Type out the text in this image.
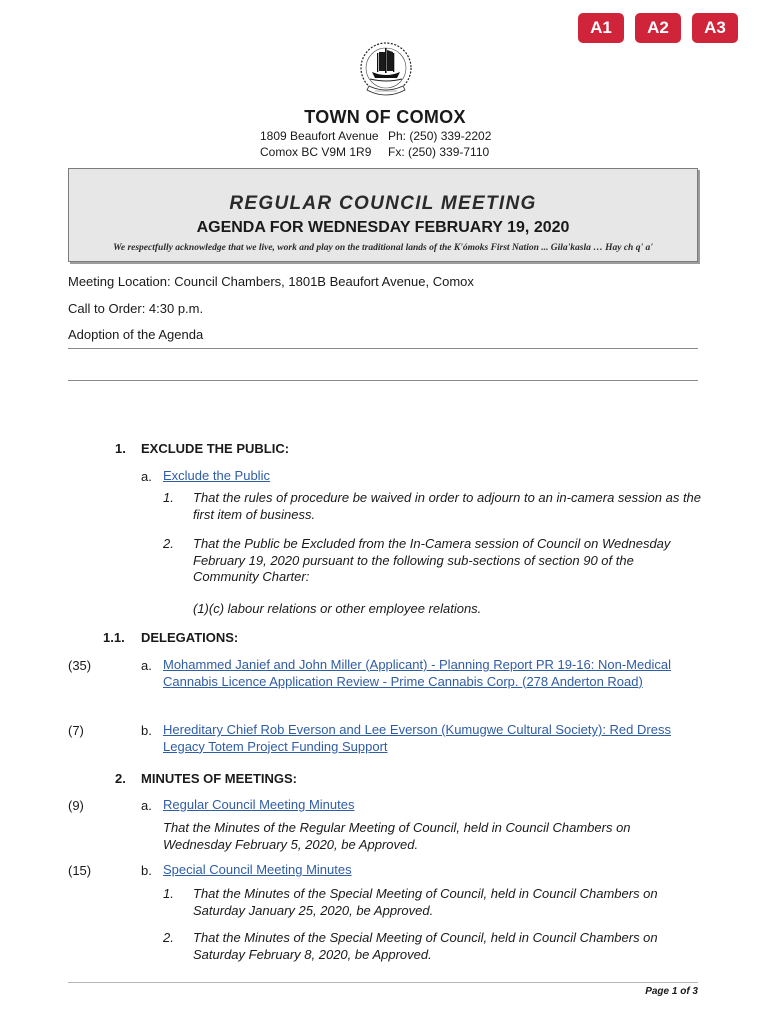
A1	A2	A3
TOWN OF COMOX
1809 Beaufort Avenue Ph: (250) 339-2202
Comox BC V9M 1R9	Fx: (250) 339-7110
REGULAR COUNCIL MEETING
AGENDA FOR WEDNESDAY FEBRUARY 19, 2020
We respectfully acknowledge that we live, work and play on the traditional lands of the K'ómoks First Nation ... Gila'kasla … Hay ch q' a'
Meeting Location: Council Chambers, 1801B Beaufort Avenue, Comox
Call to Order: 4:30 p.m.
Adoption of the Agenda
1. EXCLUDE THE PUBLIC:
a. Exclude the Public
1. That the rules of procedure be waived in order to adjourn to an in-camera session as the first item of business.
2. That the Public be Excluded from the In-Camera session of Council on Wednesday February 19, 2020 pursuant to the following sub-sections of section 90 of the Community Charter:
(1)(c) labour relations or other employee relations.
1.1. DELEGATIONS:
(35)	a. Mohammed Janief and John Miller (Applicant) - Planning Report PR 19-16: Non-Medical Cannabis Licence Application Review - Prime Cannabis Corp. (278 Anderton Road)
(7)	b. Hereditary Chief Rob Everson and Lee Everson (Kumugwe Cultural Society): Red Dress Legacy Totem Project Funding Support
2. MINUTES OF MEETINGS:
(9)	a. Regular Council Meeting Minutes
That the Minutes of the Regular Meeting of Council, held in Council Chambers on Wednesday February 5, 2020, be Approved.
(15)	b. Special Council Meeting Minutes
1. That the Minutes of the Special Meeting of Council, held in Council Chambers on Saturday January 25, 2020, be Approved.
2. That the Minutes of the Special Meeting of Council, held in Council Chambers on Saturday February 8, 2020, be Approved.
Page 1 of 3
